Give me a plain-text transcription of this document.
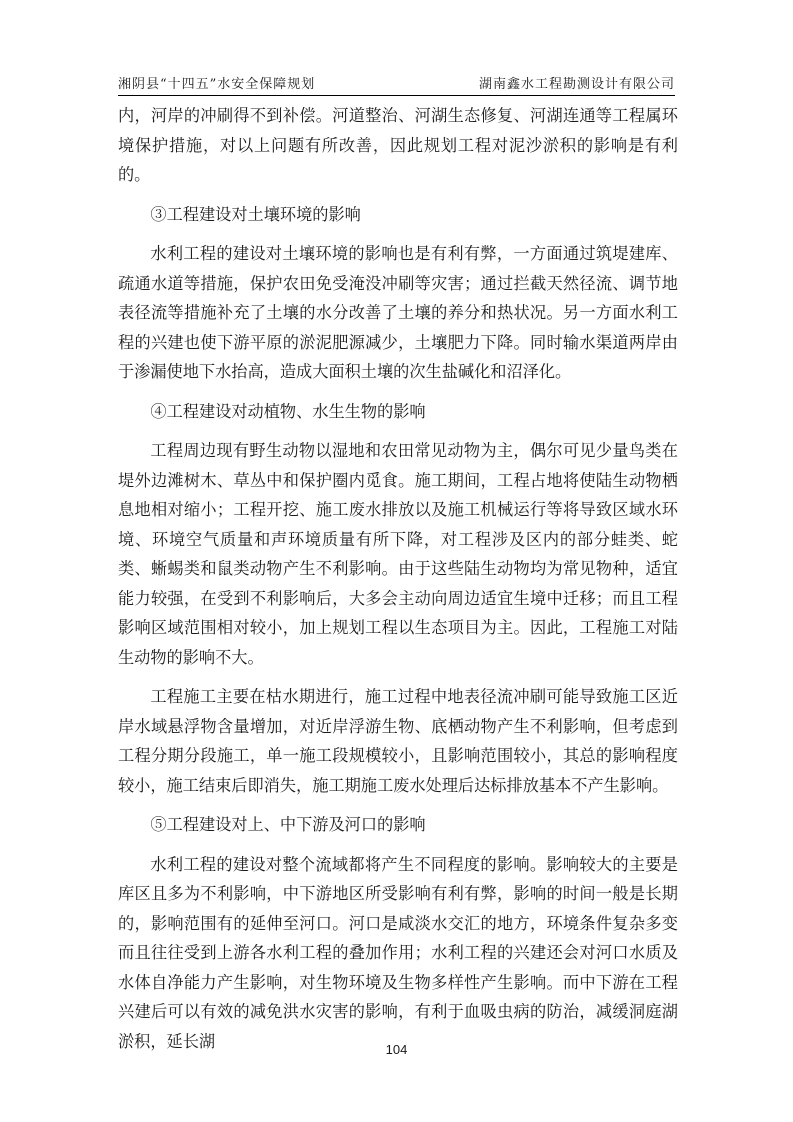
湘阴县“十四五”水安全保障规划	湖南鑫水工程勘测设计有限公司

内，河岸的冲刷得不到补偿。河道整治、河湖生态修复、河湖连通等工程属环境保护措施，对以上问题有所改善，因此规划工程对泥沙淤积的影响是有利的。

③工程建设对土壤环境的影响

水利工程的建设对土壤环境的影响也是有利有弊，一方面通过筑堤建库、疏通水道等措施，保护农田免受淹没冲刷等灾害；通过拦截天然径流、调节地表径流等措施补充了土壤的水分改善了土壤的养分和热状况。另一方面水利工程的兴建也使下游平原的淤泥肥源减少，土壤肥力下降。同时输水渠道两岸由于渗漏使地下水抬高，造成大面积土壤的次生盐碱化和沼泽化。

④工程建设对动植物、水生生物的影响

工程周边现有野生动物以湿地和农田常见动物为主，偶尔可见少量鸟类在堤外边滩树木、草丛中和保护圈内觅食。施工期间，工程占地将使陆生动物栖息地相对缩小；工程开挖、施工废水排放以及施工机械运行等将导致区域水环境、环境空气质量和声环境质量有所下降，对工程涉及区内的部分蛙类、蛇类、蜥蜴类和鼠类动物产生不利影响。由于这些陆生动物均为常见物种，适宜能力较强，在受到不利影响后，大多会主动向周边适宜生境中迁移；而且工程影响区域范围相对较小，加上规划工程以生态项目为主。因此，工程施工对陆生动物的影响不大。

工程施工主要在枯水期进行，施工过程中地表径流冲刷可能导致施工区近岸水域悬浮物含量增加，对近岸浮游生物、底栖动物产生不利影响，但考虑到工程分期分段施工，单一施工段规模较小，且影响范围较小，其总的影响程度较小，施工结束后即消失，施工期施工废水处理后达标排放基本不产生影响。

⑤工程建设对上、中下游及河口的影响

水利工程的建设对整个流域都将产生不同程度的影响。影响较大的主要是库区且多为不利影响，中下游地区所受影响有利有弊，影响的时间一般是长期的，影响范围有的延伸至河口。河口是咸淡水交汇的地方，环境条件复杂多变而且往往受到上游各水利工程的叠加作用；水利工程的兴建还会对河口水质及水体自净能力产生影响，对生物环境及生物多样性产生影响。而中下游在工程兴建后可以有效的减免洪水灾害的影响，有利于血吸虫病的防治，减缓洞庭湖淤积，延长湖	104
